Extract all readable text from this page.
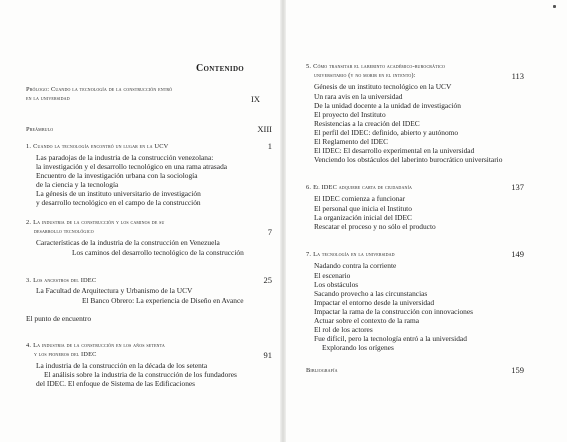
Contenido
Prólogo: Cuando la tecnología de la construcción entró
en la universidad	IX
Preámbulo	XIII
1. Cuando la tecnología encontró un lugar en la UCV	1
Las paradojas de la industria de la construcción venezolana:
la investigación y el desarrollo tecnológico en una rama atrasada
Encuentro de la investigación urbana con la sociología
de la ciencia y la tecnología
La génesis de un instituto universitario de investigación
y desarrollo tecnológico en el campo de la construcción
2. La industria de la construcción y los caminos de su
desarrollo tecnológico	7
Características de la industria de la construcción en Venezuela
Los caminos del desarrollo tecnológico de la construcción
3. Los ancestros del IDEC	25
La Facultad de Arquitectura y Urbanismo de la UCV
El Banco Obrero: La experiencia de Diseño en Avance
El punto de encuentro
4. La industria de la construcción en los años setenta
y los pioneros del IDEC	91
La industria de la construcción en la década de los setenta
El análisis sobre la industria de la construcción de los fundadores
del IDEC. El enfoque de Sistema de las Edificaciones
5. Cómo transitar el laberinto académico-burocrático
universitario (y no morir en el intento):	113
Génesis de un instituto tecnológico en la UCV
Un rara avis en la universidad
De la unidad docente a la unidad de investigación
El proyecto del Instituto
Resistencias a la creación del IDEC
El perfil del IDEC: definido, abierto y autónomo
El Reglamento del IDEC
El IDEC: El desarrollo experimental en la universidad
Venciendo los obstáculos del laberinto burocrático universitario
6. El IDEC adquiere carta de ciudadanía	137
El IDEC comienza a funcionar
El personal que inicia el Instituto
La organización inicial del IDEC
Rescatar el proceso y no sólo el producto
7. La tecnología en la universidad	149
Nadando contra la corriente
El escenario
Los obstáculos
Sacando provecho a las circunstancias
Impactar el entorno desde la universidad
Impactar la rama de la construcción con innovaciones
Actuar sobre el contexto de la rama
El rol de los actores
Fue difícil, pero la tecnología entró a la universidad
Explorando los orígenes
Bibliografía	159
